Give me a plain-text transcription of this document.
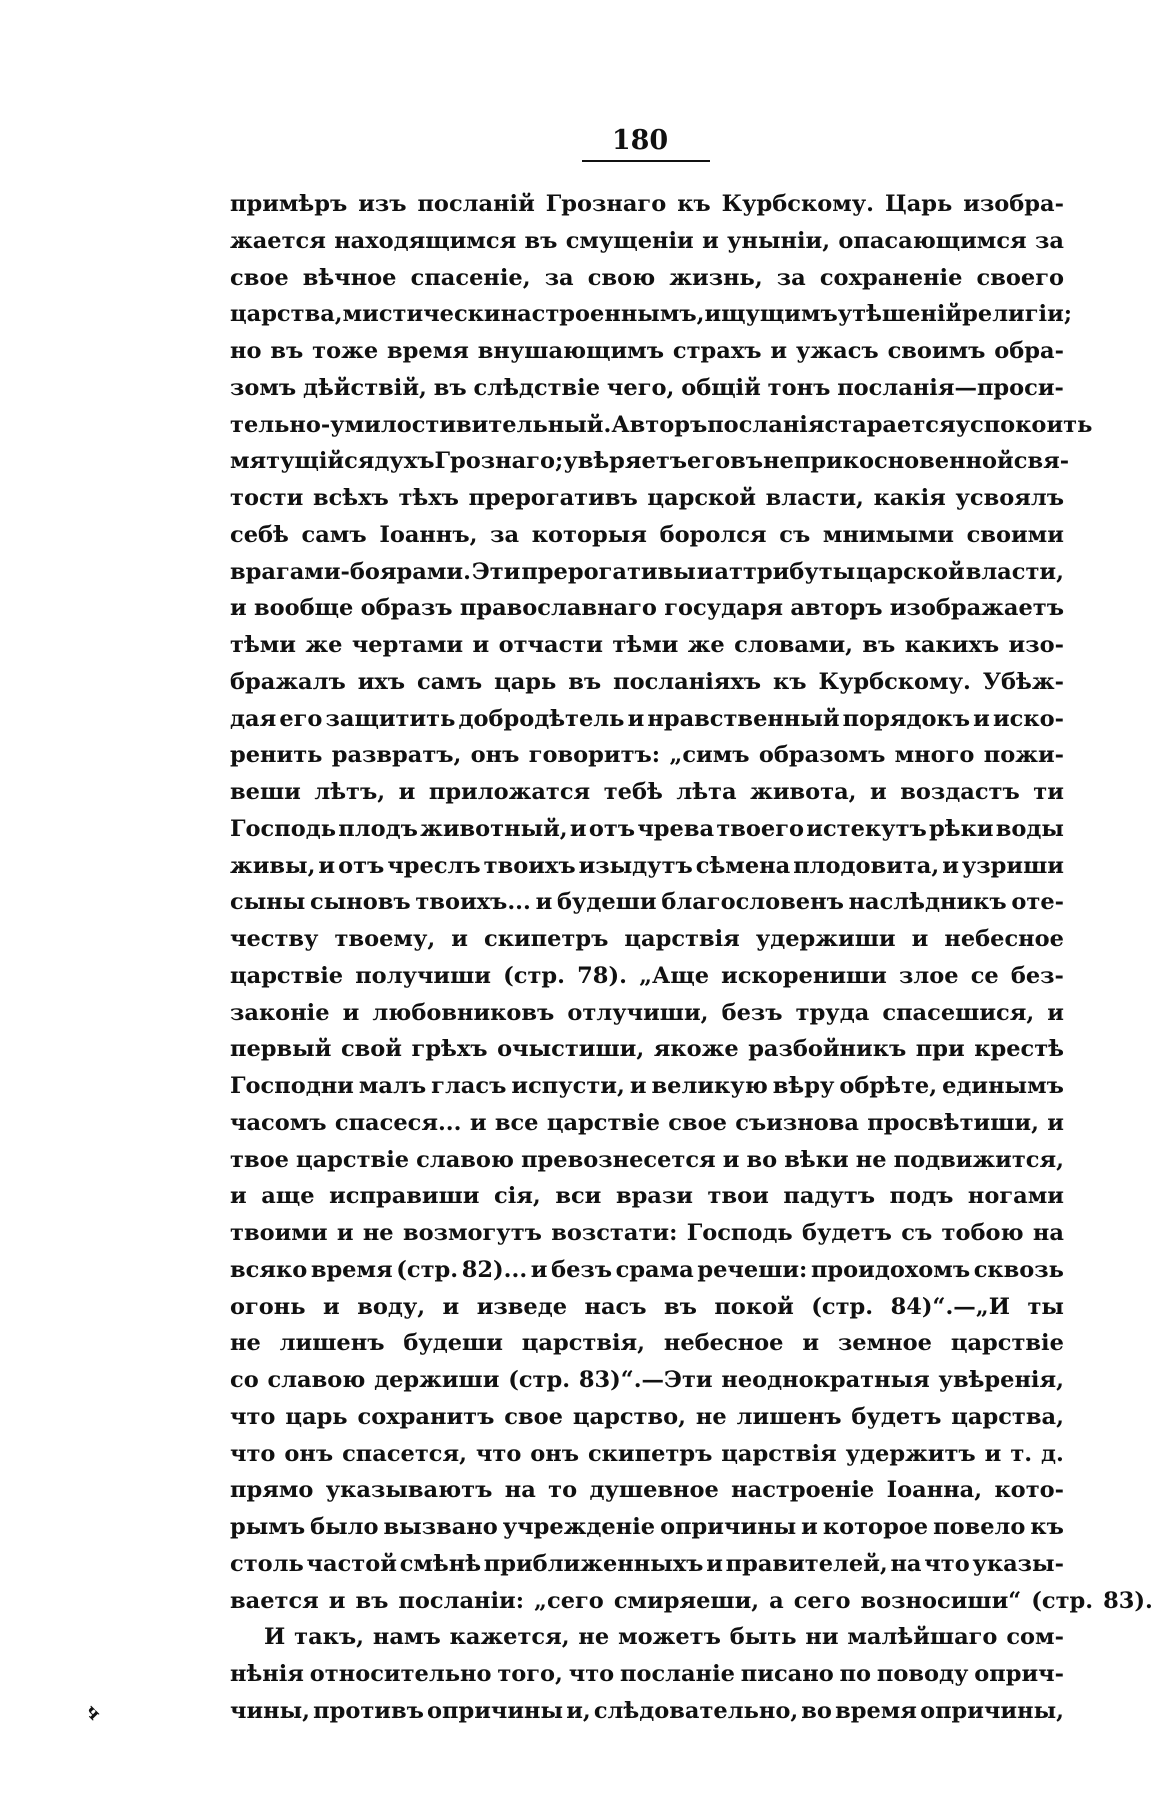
180
примѣръ изъ посланій Грознаго къ Курбскому. Царь изобра-
жается находящимся въ смущеніи и уныніи, опасающимся за
свое вѣчное спасеніе, за свою жизнь, за сохраненіе своего
царства, мистически настроеннымъ, ищущимъ утѣшеній религіи;
но въ тоже время внушающимъ страхъ и ужасъ своимъ обра-
зомъ дѣйствій, въ слѣдствіе чего, общій тонъ посланія—проси-
тельно-умилостивительный. Авторъ посланія старается успокоить
мятущійся духъ Грознаго; увѣряетъ его въ неприкосновенной свя-
тости всѣхъ тѣхъ прерогативъ царской власти, какія усвоялъ
себѣ самъ Іоаннъ, за которыя боролся съ мнимыми своими
врагами-боярами. Эти прерогативы и аттрибуты царской власти,
и вообще образъ православнаго государя авторъ изображаетъ
тѣми же чертами и отчасти тѣми же словами, въ какихъ изо-
бражалъ ихъ самъ царь въ посланіяхъ къ Курбскому. Убѣж-
дая его защитить добродѣтель и нравственный порядокъ и иско-
ренить развратъ, онъ говоритъ: „симъ образомъ много пожи-
веши лѣтъ, и приложатся тебѣ лѣта живота, и воздастъ ти
Господь плодъ животный, и отъ чрева твоего истекутъ рѣки воды
живы, и отъ чреслъ твоихъ изыдутъ сѣмена плодовита, и узриши
сыны сыновъ твоихъ... и будеши благословенъ наслѣдникъ оте-
честву твоему, и скипетръ царствія удержиши и небесное
царствіе получиши (стр. 78). „Аще искорениши злое се без-
законіе и любовниковъ отлучиши, безъ труда спасешися, и
первый свой грѣхъ очыстиши, якоже разбойникъ при крестѣ
Господни малъ гласъ испусти, и великую вѣру обрѣте, единымъ
часомъ спасеся... и все царствіе свое съизнова просвѣтиши, и
твое царствіе славою превознесется и во вѣки не подвижится,
и аще исправиши сія, вси врази твои падутъ подъ ногами
твоими и не возмогутъ возстати: Господь будетъ съ тобою на
всяко время (стр. 82)... и безъ срама речеши: проидохомъ сквозь
огонь и воду, и изведе насъ въ покой (стр. 84)“.—„И ты
не лишенъ будеши царствія, небесное и земное царствіе
со славою держиши (стр. 83)“.—Эти неоднократныя увѣренія,
что царь сохранитъ свое царство, не лишенъ будетъ царства,
что онъ спасется, что онъ скипетръ царствія удержитъ и т. д.
прямо указываютъ на то душевное настроеніе Іоанна, кото-
рымъ было вызвано учрежденіе опричины и которое повело къ
столь частой смѣнѣ приближенныхъ и правителей, на что указы-
вается и въ посланіи: „сего смиряеши, а сего возносиши“ (стр. 83).
И такъ, намъ кажется, не можетъ быть ни малѣйшаго сом-
нѣнія относительно того, что посланіе писано по поводу оприч-
чины, противъ опричины и, слѣдовательно, во время опричины,
ч
